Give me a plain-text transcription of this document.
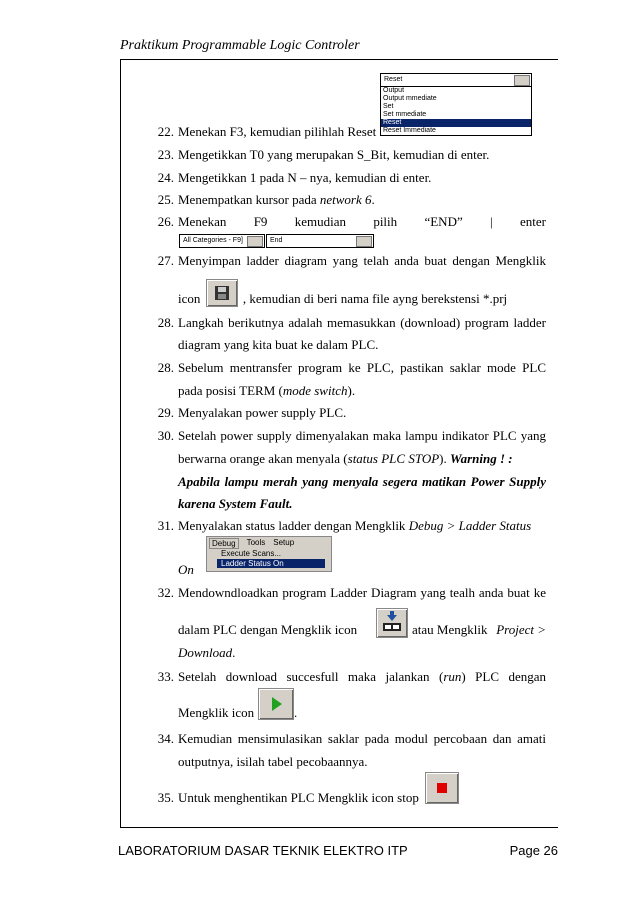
Praktikum Programmable Logic Controler
LABORATORIUM DASAR TEKNIK ELEKTRO ITP	Page 26
Reset
Output
Output mmediate
Set
Set mmediate
Reset
Reset Immediate
22. Menekan F3, kemudian pilihlah Reset
23. Mengetikkan T0 yang merupakan S_Bit, kemudian di enter.
24. Mengetikkan 1 pada N – nya, kemudian di enter.
25. Menempatkan kursor pada network 6.
26. Menekan F9 kemudian pilih “END” | enter
All Categories - F9]	End
27. Menyimpan ladder diagram yang telah anda buat dengan Mengklik
icon	, kemudian di beri nama file ayng berekstensi *.prj
28. Langkah berikutnya adalah memasukkan (download) program ladder
diagram yang kita buat ke dalam PLC.
28. Sebelum mentransfer program ke PLC, pastikan saklar mode PLC
pada posisi TERM (mode switch).
29. Menyalakan power supply PLC.
30. Setelah power supply dimenyalakan maka lampu indikator PLC yang
berwarna orange akan menyala (status PLC STOP). Warning ! :
Apabila lampu merah yang menyala segera matikan Power Supply
karena System Fault.
31. Menyalakan status ladder dengan Mengklik Debug > Ladder Status
Debug	Tools Setup
Execute Scans...
Ladder Status On
On
32. Mendowndloadkan program Ladder Diagram yang tealh anda buat ke
dalam PLC dengan Mengklik icon	atau Mengklik Project >
Download.
33. Setelah download succesfull maka jalankan (run) PLC dengan
Mengklik icon	.
34. Kemudian mensimulasikan saklar pada modul percobaan dan amati
outputnya, isilah tabel pecobaannya.
35. Untuk menghentikan PLC Mengklik icon stop
